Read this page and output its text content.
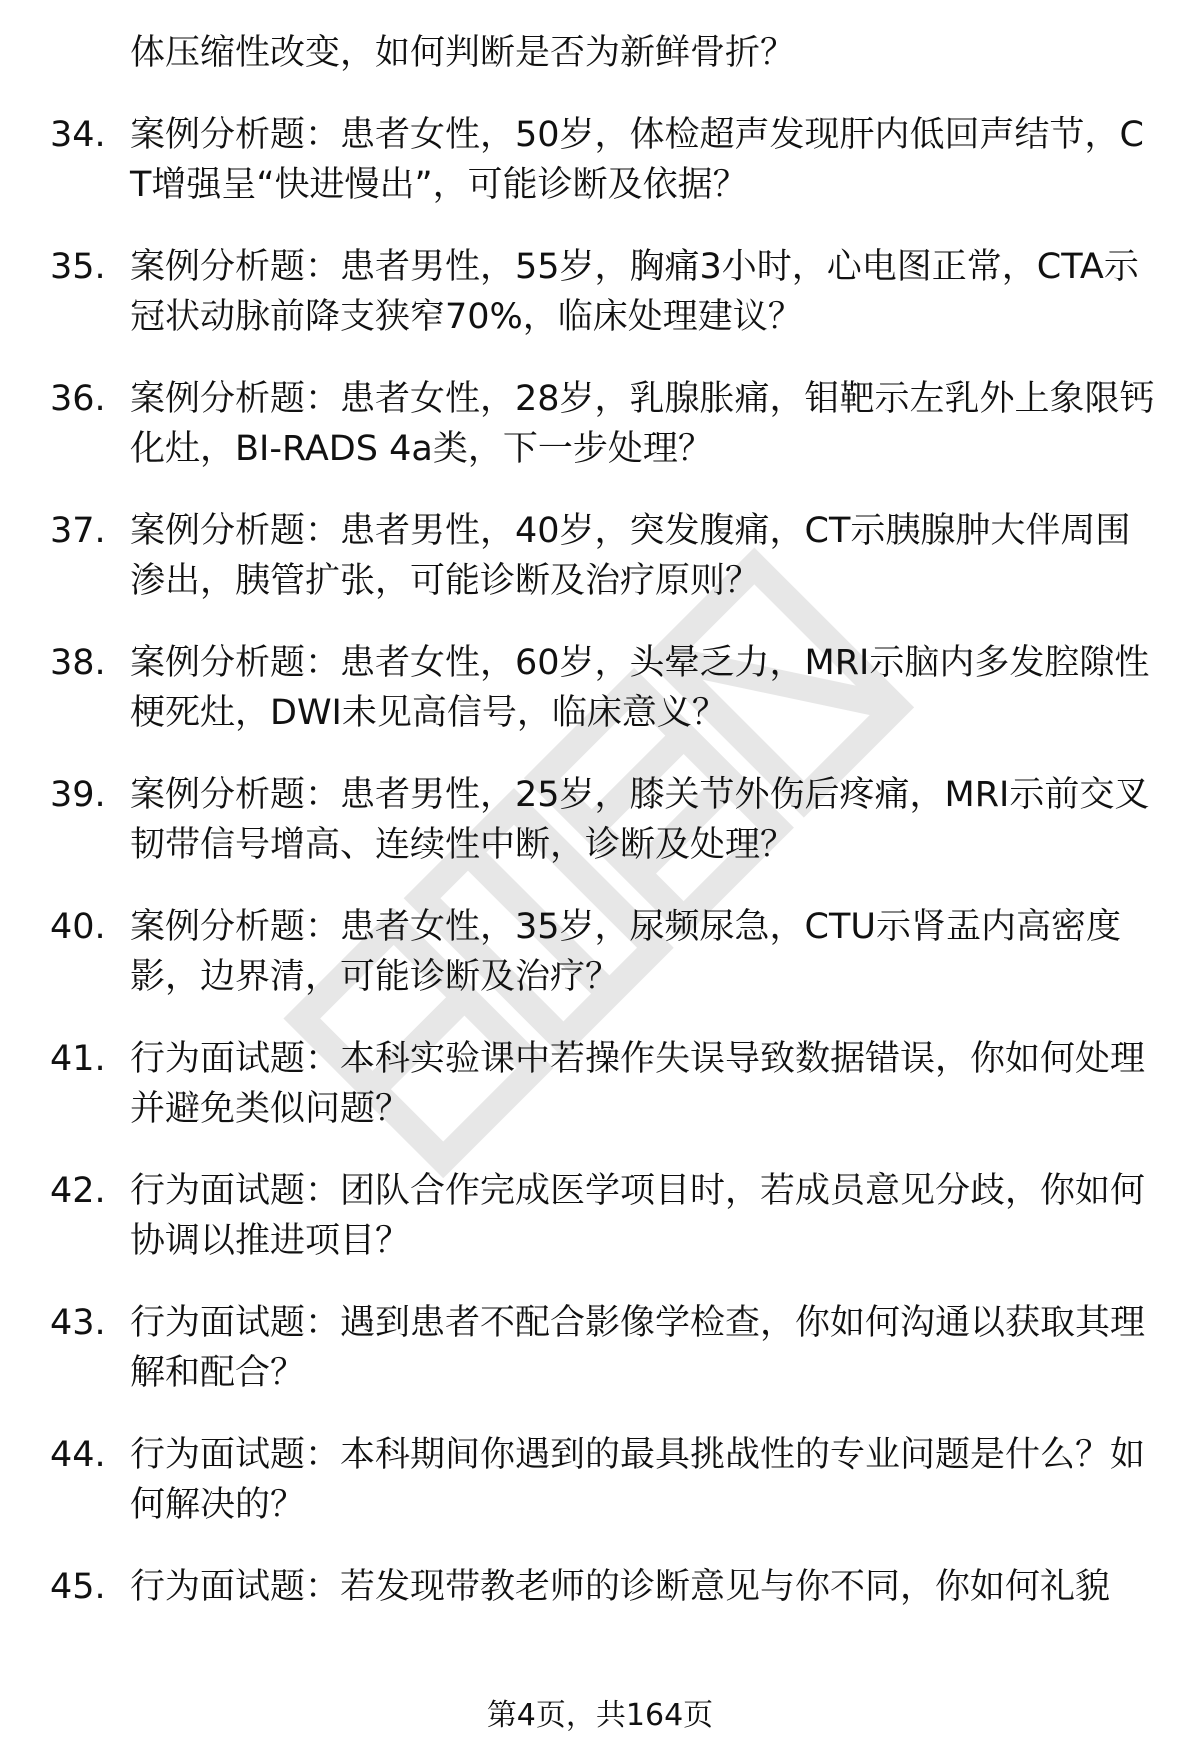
体压缩性改变，如何判断是否为新鲜骨折？

34. 案例分析题：患者女性，50岁，体检超声发现肝内低回声结节，CT增强呈“快进慢出”，可能诊断及依据？
35. 案例分析题：患者男性，55岁，胸痛3小时，心电图正常，CTA示冠状动脉前降支狭窄70%，临床处理建议？
36. 案例分析题：患者女性，28岁，乳腺胀痛，钼靶示左乳外上象限钙化灶，BI-RADS 4a类，下一步处理？
37. 案例分析题：患者男性，40岁，突发腹痛，CT示胰腺肿大伴周围渗出，胰管扩张，可能诊断及治疗原则？
38. 案例分析题：患者女性，60岁，头晕乏力，MRI示脑内多发腔隙性梗死灶，DWI未见高信号，临床意义？
39. 案例分析题：患者男性，25岁，膝关节外伤后疼痛，MRI示前交叉韧带信号增高、连续性中断，诊断及处理？
40. 案例分析题：患者女性，35岁，尿频尿急，CTU示肾盂内高密度影，边界清，可能诊断及治疗？
41. 行为面试题：本科实验课中若操作失误导致数据错误，你如何处理并避免类似问题？
42. 行为面试题：团队合作完成医学项目时，若成员意见分歧，你如何协调以推进项目？
43. 行为面试题：遇到患者不配合影像学检查，你如何沟通以获取其理解和配合？
44. 行为面试题：本科期间你遇到的最具挑战性的专业问题是什么？如何解决的？
45. 行为面试题：若发现带教老师的诊断意见与你不同，你如何礼貌
第4页，共164页
